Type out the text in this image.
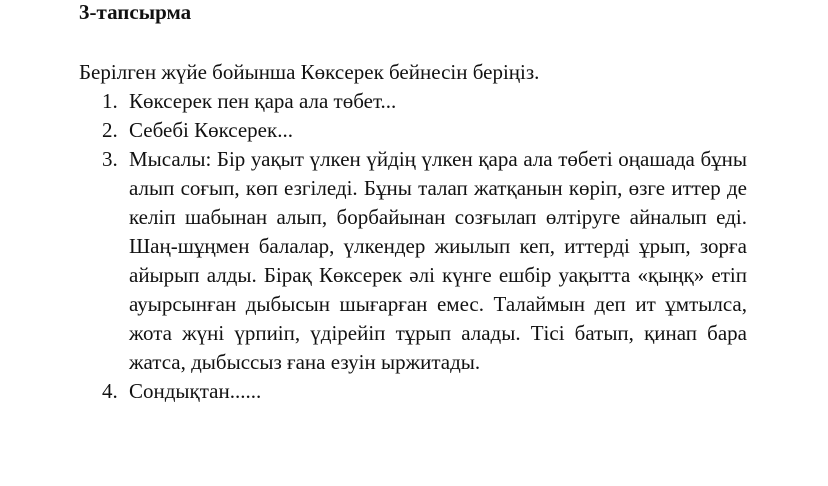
3-тапсырма

Берілген жүйе бойынша Көксерек бейнесін беріңіз.

1. Көксерек пен қара ала төбет...
2. Себебі Көксерек...
3. Мысалы: Бір уақыт үлкен үйдің үлкен қара ала төбеті оңашада бұны алып соғып, көп езгіледі. Бұны талап жатқанын көріп, өзге иттер де келіп шабынан алып, борбайынан созғылап өлтіруге айналып еді. Шаң-шұңмен балалар, үлкендер жиылып кеп, иттерді ұрып, зорға айырып алды. Бірақ Көксерек әлі күнге ешбір уақытта «қыңқ» етіп ауырсынған дыбысын шығарған емес. Талаймын деп ит ұмтылса, жота жүні үрпиіп, үдірейіп тұрып алады. Тісі батып, қинап бара жатса, дыбыссыз ғана езуін ыржитады.
4. Сондықтан......
